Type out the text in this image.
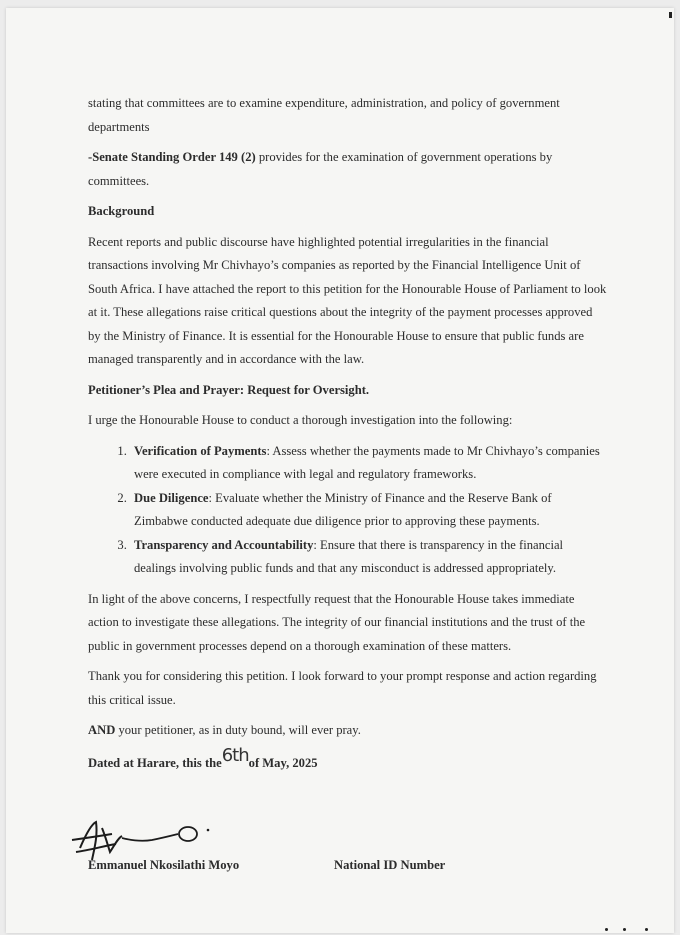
stating that committees are to examine expenditure, administration, and policy of government departments

-Senate Standing Order 149 (2) provides for the examination of government operations by committees.

Background

Recent reports and public discourse have highlighted potential irregularities in the financial transactions involving Mr Chivhayo’s companies as reported by the Financial Intelligence Unit of South Africa. I have attached the report to this petition for the Honourable House of Parliament to look at it. These allegations raise critical questions about the integrity of the payment processes approved by the Ministry of Finance. It is essential for the Honourable House to ensure that public funds are managed transparently and in accordance with the law.

Petitioner’s Plea and Prayer: Request for Oversight.

I urge the Honourable House to conduct a thorough investigation into the following:

1. Verification of Payments: Assess whether the payments made to Mr Chivhayo’s companies were executed in compliance with legal and regulatory frameworks.
2. Due Diligence: Evaluate whether the Ministry of Finance and the Reserve Bank of Zimbabwe conducted adequate due diligence prior to approving these payments.
3. Transparency and Accountability: Ensure that there is transparency in the financial dealings involving public funds and that any misconduct is addressed appropriately.

In light of the above concerns, I respectfully request that the Honourable House takes immediate action to investigate these allegations. The integrity of our financial institutions and the trust of the public in government processes depend on a thorough examination of these matters.

Thank you for considering this petition. I look forward to your prompt response and action regarding this critical issue.

AND your petitioner, as in duty bound, will ever pray.

Dated at Harare, this the6thof May, 2025

Emmanuel Nkosilathi Moyo	National ID Number
